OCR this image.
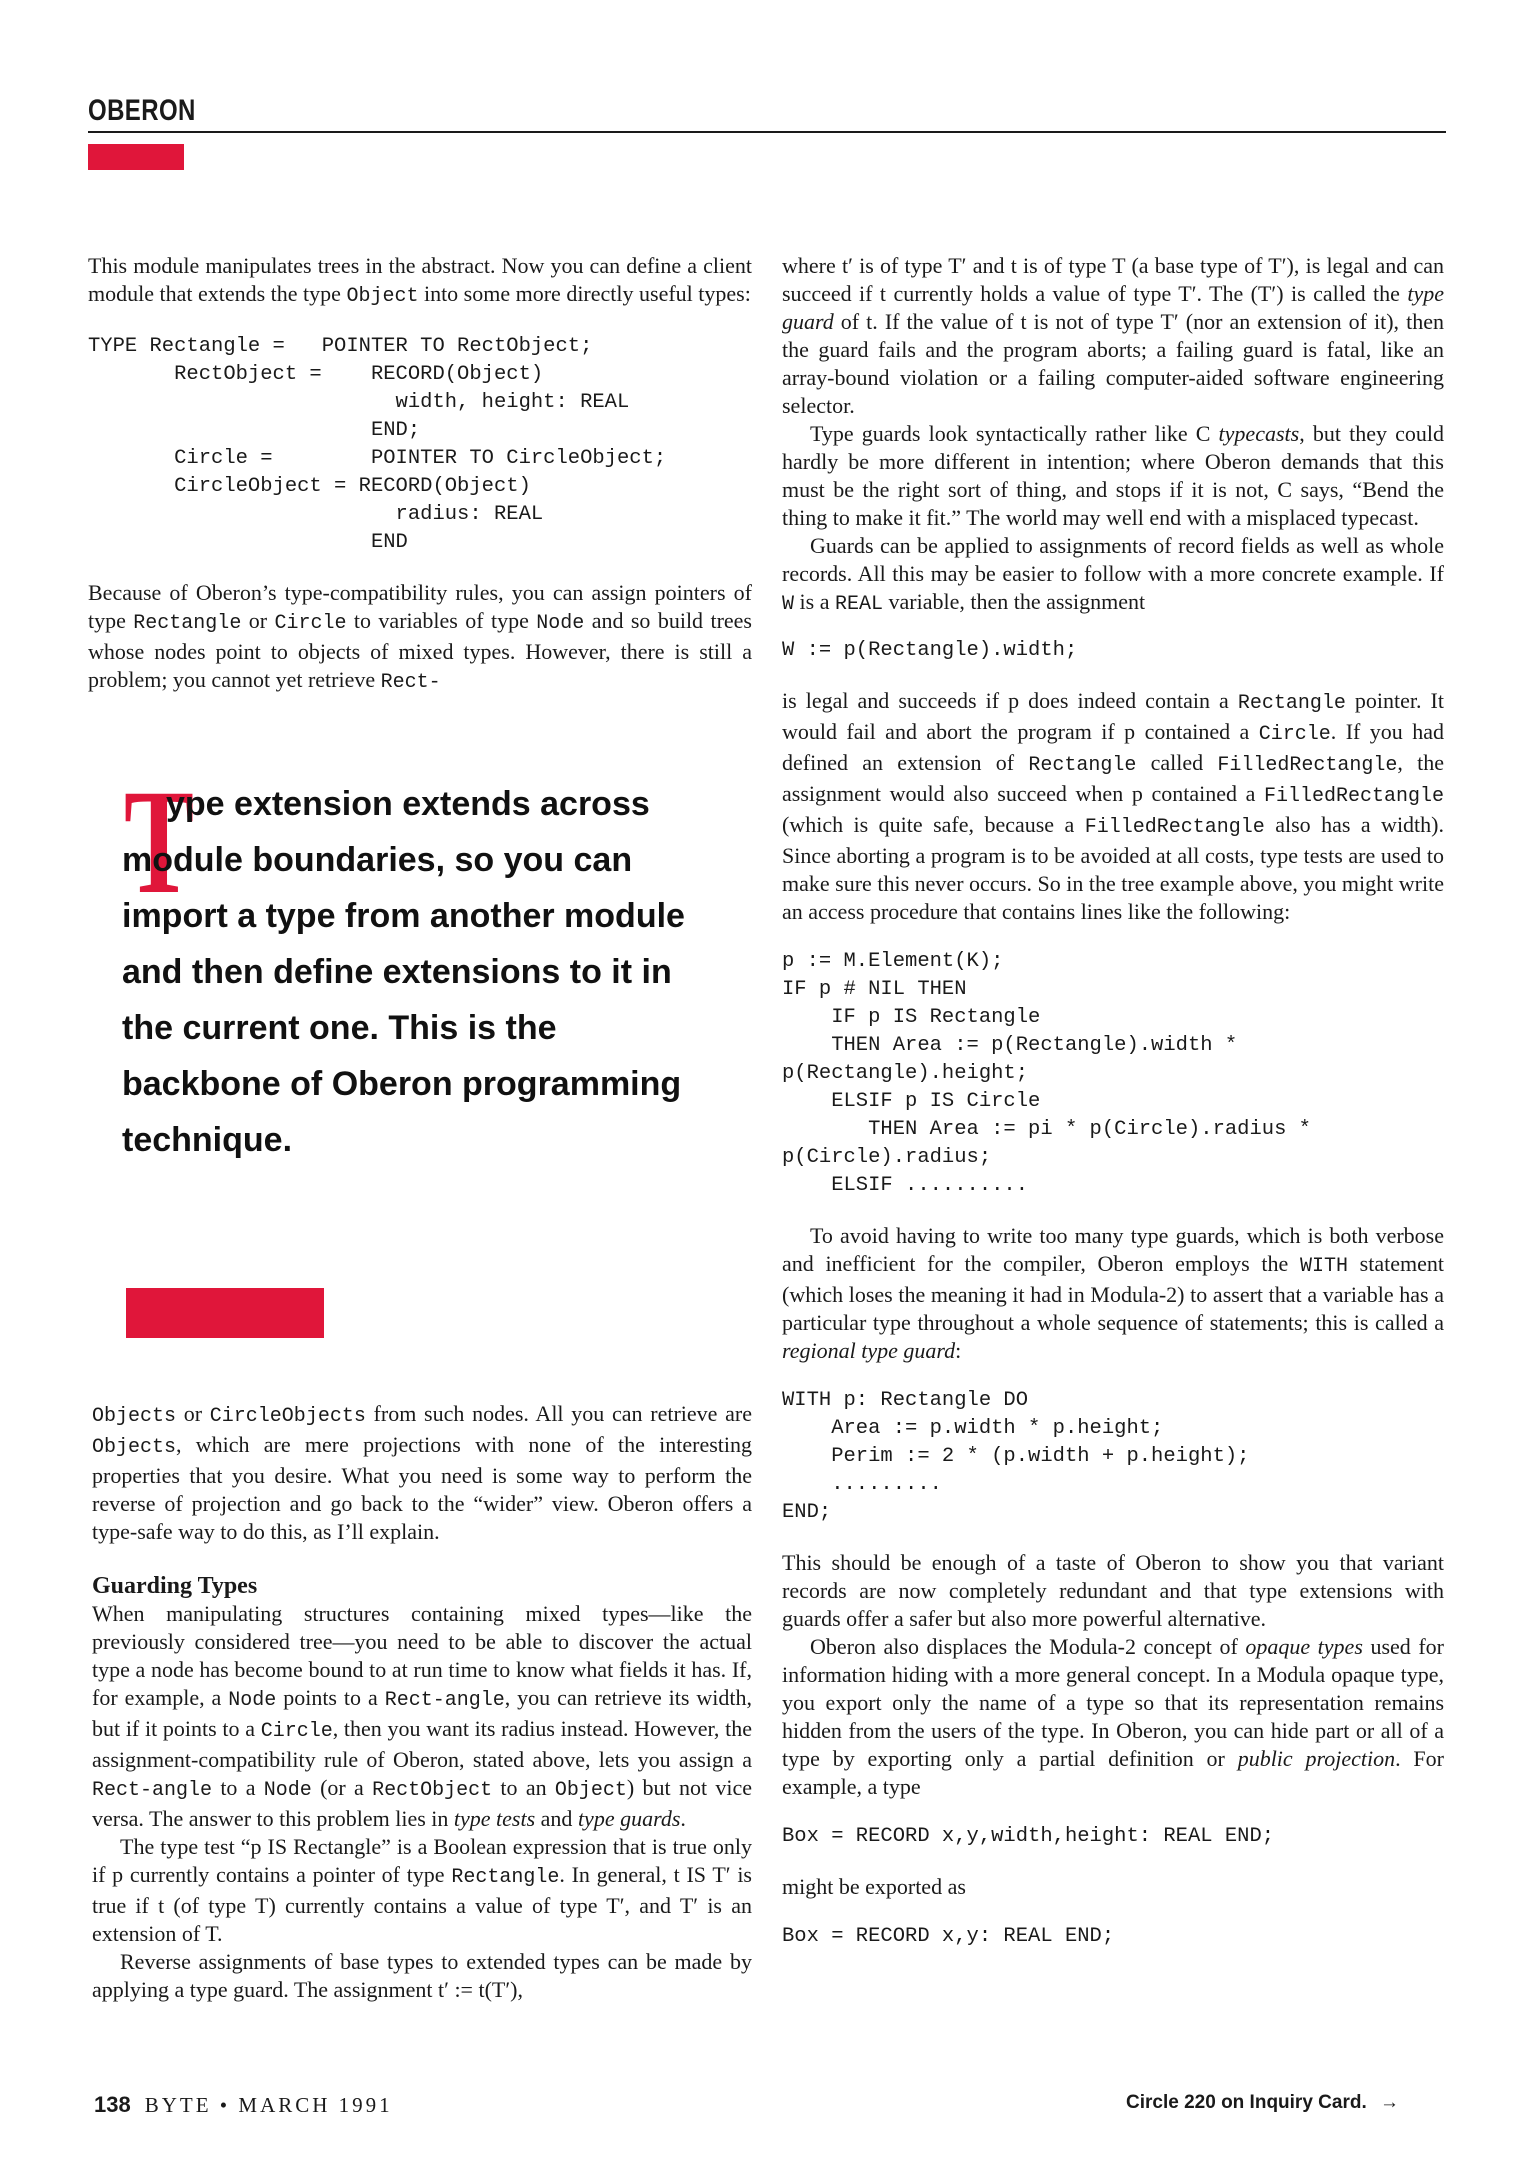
OBERON

This module manipulates trees in the abstract. Now you can define a client module that extends the type Object into some more directly useful types:

TYPE Rectangle =   POINTER TO RectObject;
RectObject =    RECORD(Object)
width, height: REAL
END;
Circle =        POINTER TO CircleObject;
CircleObject = RECORD(Object)
radius: REAL
END

Because of Oberon’s type-compatibility rules, you can assign pointers of type Rectangle or Circle to variables of type Node and so build trees whose nodes point to objects of mixed types. However, there is still a problem; you cannot yet retrieve Rect-

T
ype extension extends across module boundaries, so you can import a type from another module and then define extensions to it in the current one. This is the backbone of Oberon programming technique.

Objects or CircleObjects from such nodes. All you can retrieve are Objects, which are mere projections with none of the interesting properties that you desire. What you need is some way to perform the reverse of projection and go back to the “wider” view. Oberon offers a type-safe way to do this, as I’ll explain.

Guarding Types

When manipulating structures containing mixed types—like the previously considered tree—you need to be able to discover the actual type a node has become bound to at run time to know what fields it has. If, for example, a Node points to a Rect-angle, you can retrieve its width, but if it points to a Circle, then you want its radius instead. However, the assignment-compatibility rule of Oberon, stated above, lets you assign a Rect-angle to a Node (or a RectObject to an Object) but not vice versa. The answer to this problem lies in type tests and type guards.

The type test “p IS Rectangle” is a Boolean expression that is true only if p currently contains a pointer of type Rectangle. In general, t IS T′ is true if t (of type T) currently contains a value of type T′, and T′ is an extension of T.

Reverse assignments of base types to extended types can be made by applying a type guard. The assignment t′ := t(T′),

where t′ is of type T′ and t is of type T (a base type of T′), is legal and can succeed if t currently holds a value of type T′. The (T′) is called the type guard of t. If the value of t is not of type T′ (nor an extension of it), then the guard fails and the program aborts; a failing guard is fatal, like an array-bound violation or a failing computer-aided software engineering selector.

Type guards look syntactically rather like C typecasts, but they could hardly be more different in intention; where Oberon demands that this must be the right sort of thing, and stops if it is not, C says, “Bend the thing to make it fit.” The world may well end with a misplaced typecast.

Guards can be applied to assignments of record fields as well as whole records. All this may be easier to follow with a more concrete example. If W is a REAL variable, then the assignment

W := p(Rectangle).width;

is legal and succeeds if p does indeed contain a Rectangle pointer. It would fail and abort the program if p contained a Circle. If you had defined an extension of Rectangle called FilledRectangle, the assignment would also succeed when p contained a FilledRectangle (which is quite safe, because a FilledRectangle also has a width). Since aborting a program is to be avoided at all costs, type tests are used to make sure this never occurs. So in the tree example above, you might write an access procedure that contains lines like the following:

p := M.Element(K);
IF p # NIL THEN
IF p IS Rectangle
THEN Area := p(Rectangle).width *
p(Rectangle).height;
ELSIF p IS Circle
THEN Area := pi * p(Circle).radius *
p(Circle).radius;
ELSIF ..........

To avoid having to write too many type guards, which is both verbose and inefficient for the compiler, Oberon employs the WITH statement (which loses the meaning it had in Modula-2) to assert that a variable has a particular type throughout a whole sequence of statements; this is called a regional type guard:

WITH p: Rectangle DO
Area := p.width * p.height;
Perim := 2 * (p.width + p.height);
.........
END;

This should be enough of a taste of Oberon to show you that variant records are now completely redundant and that type extensions with guards offer a safer but also more powerful alternative.

Oberon also displaces the Modula-2 concept of opaque types used for information hiding with a more general concept. In a Modula opaque type, you export only the name of a type so that its representation remains hidden from the users of the type. In Oberon, you can hide part or all of a type by exporting only a partial definition or public projection. For example, a type

Box = RECORD x,y,width,height: REAL END;

might be exported as

Box = RECORD x,y: REAL END;
138 BYTE • MARCH 1991	Circle 220 on Inquiry Card. →
